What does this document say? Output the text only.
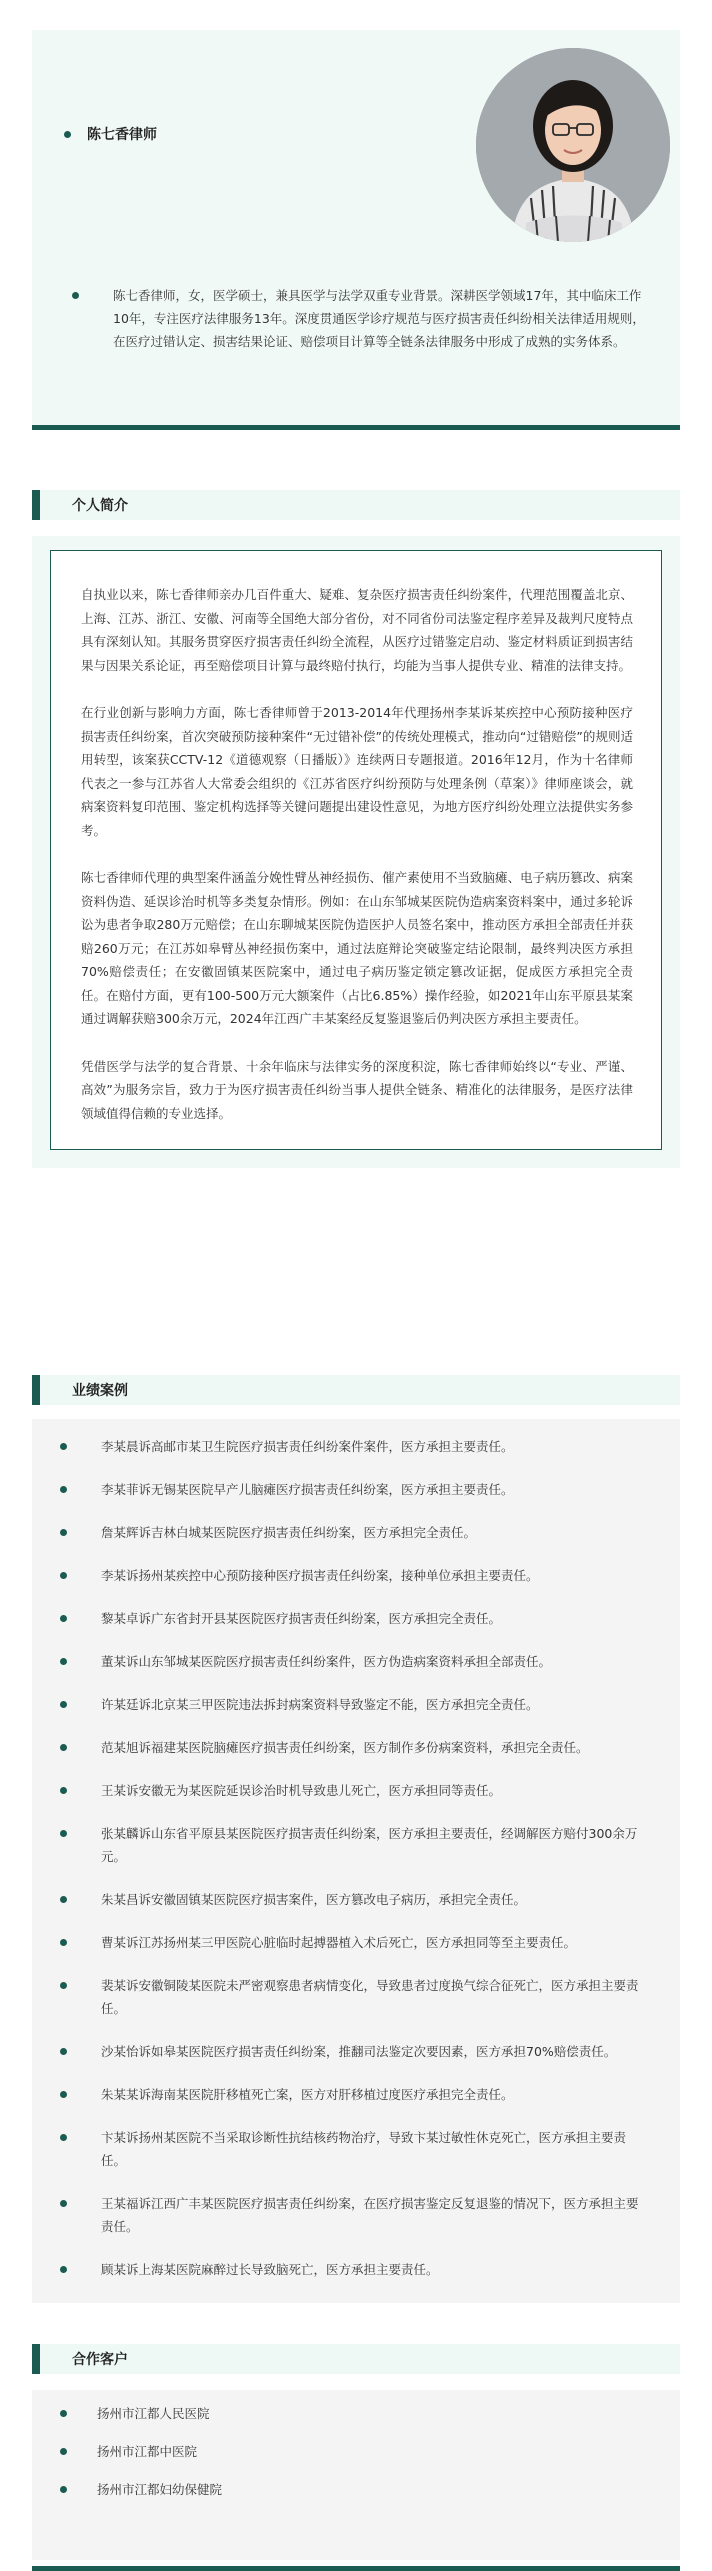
陈七香律师

陈七香律师，女，医学硕士，兼具医学与法学双重专业背景。深耕医学领域17年，其中临床工作10年，专注医疗法律服务13年。深度贯通医学诊疗规范与医疗损害责任纠纷相关法律适用规则，在医疗过错认定、损害结果论证、赔偿项目计算等全链条法律服务中形成了成熟的实务体系。

个人简介

自执业以来，陈七香律师亲办几百件重大、疑难、复杂医疗损害责任纠纷案件，代理范围覆盖北京、上海、江苏、浙江、安徽、河南等全国绝大部分省份，对不同省份司法鉴定程序差异及裁判尺度特点具有深刻认知。其服务贯穿医疗损害责任纠纷全流程，从医疗过错鉴定启动、鉴定材料质证到损害结果与因果关系论证，再至赔偿项目计算与最终赔付执行，均能为当事人提供专业、精准的法律支持。

在行业创新与影响力方面，陈七香律师曾于2013-2014年代理扬州李某诉某疾控中心预防接种医疗损害责任纠纷案，首次突破预防接种案件“无过错补偿”的传统处理模式，推动向“过错赔偿”的规则适用转型，该案获CCTV-12《道德观察（日播版）》连续两日专题报道。2016年12月，作为十名律师代表之一参与江苏省人大常委会组织的《江苏省医疗纠纷预防与处理条例（草案）》律师座谈会，就病案资料复印范围、鉴定机构选择等关键问题提出建设性意见，为地方医疗纠纷处理立法提供实务参考。

陈七香律师代理的典型案件涵盖分娩性臂丛神经损伤、催产素使用不当致脑瘫、电子病历篡改、病案资料伪造、延误诊治时机等多类复杂情形。例如：在山东邹城某医院伪造病案资料案中，通过多轮诉讼为患者争取280万元赔偿；在山东聊城某医院伪造医护人员签名案中，推动医方承担全部责任并获赔260万元；在江苏如皋臂丛神经损伤案中，通过法庭辩论突破鉴定结论限制，最终判决医方承担70%赔偿责任；在安徽固镇某医院案中，通过电子病历鉴定锁定篡改证据，促成医方承担完全责任。在赔付方面，更有100-500万元大额案件（占比6.85%）操作经验，如2021年山东平原县某案通过调解获赔300余万元，2024年江西广丰某案经反复鉴退鉴后仍判决医方承担主要责任。

凭借医学与法学的复合背景、十余年临床与法律实务的深度积淀，陈七香律师始终以“专业、严谨、高效”为服务宗旨，致力于为医疗损害责任纠纷当事人提供全链条、精准化的法律服务，是医疗法律领域值得信赖的专业选择。

业绩案例
李某晨诉高邮市某卫生院医疗损害责任纠纷案件案件，医方承担主要责任。
李某菲诉无锡某医院早产儿脑瘫医疗损害责任纠纷案，医方承担主要责任。
詹某辉诉吉林白城某医院医疗损害责任纠纷案，医方承担完全责任。
李某诉扬州某疾控中心预防接种医疗损害责任纠纷案，接种单位承担主要责任。
黎某卓诉广东省封开县某医院医疗损害责任纠纷案，医方承担完全责任。
董某诉山东邹城某医院医疗损害责任纠纷案件，医方伪造病案资料承担全部责任。
许某廷诉北京某三甲医院违法拆封病案资料导致鉴定不能，医方承担完全责任。
范某旭诉福建某医院脑瘫医疗损害责任纠纷案，医方制作多份病案资料，承担完全责任。
王某诉安徽无为某医院延误诊治时机导致患儿死亡，医方承担同等责任。
张某麟诉山东省平原县某医院医疗损害责任纠纷案，医方承担主要责任，经调解医方赔付300余万元。
朱某昌诉安徽固镇某医院医疗损害案件，医方篡改电子病历，承担完全责任。
曹某诉江苏扬州某三甲医院心脏临时起搏器植入术后死亡，医方承担同等至主要责任。
裴某诉安徽铜陵某医院未严密观察患者病情变化，导致患者过度换气综合征死亡，医方承担主要责任。
沙某怡诉如皋某医院医疗损害责任纠纷案，推翻司法鉴定次要因素，医方承担70%赔偿责任。
朱某某诉海南某医院肝移植死亡案，医方对肝移植过度医疗承担完全责任。
卞某诉扬州某医院不当采取诊断性抗结核药物治疗，导致卞某过敏性休克死亡，医方承担主要责任。
王某福诉江西广丰某医院医疗损害责任纠纷案，在医疗损害鉴定反复退鉴的情况下，医方承担主要责任。
顾某诉上海某医院麻醉过长导致脑死亡，医方承担主要责任。
合作客户
扬州市江都人民医院
扬州市江都中医院
扬州市江都妇幼保健院
